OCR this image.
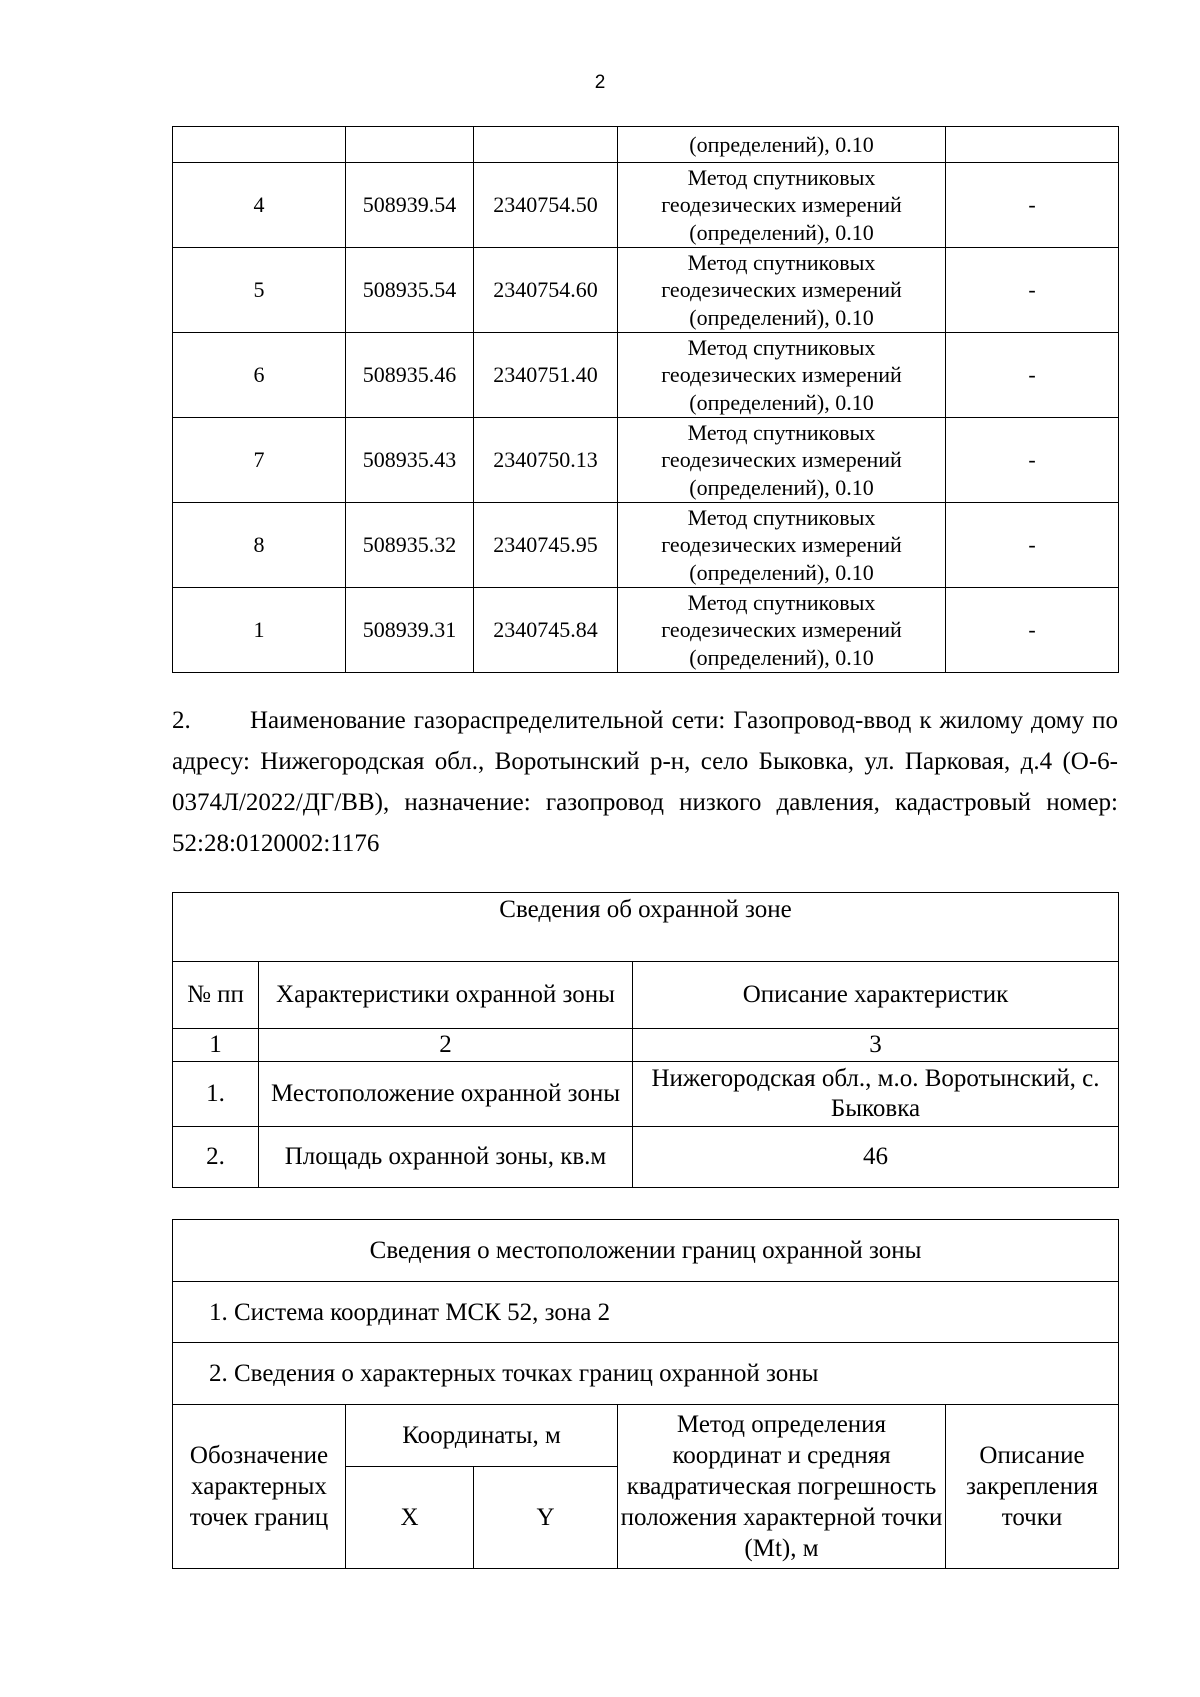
2
			(определений), 0.10	
4	508939.54	2340754.50	Метод спутниковых
геодезических измерений
(определений), 0.10	-
5	508935.54	2340754.60	Метод спутниковых
геодезических измерений
(определений), 0.10	-
6	508935.46	2340751.40	Метод спутниковых
геодезических измерений
(определений), 0.10	-
7	508935.43	2340750.13	Метод спутниковых
геодезических измерений
(определений), 0.10	-
8	508935.32	2340745.95	Метод спутниковых
геодезических измерений
(определений), 0.10	-
1	508939.31	2340745.84	Метод спутниковых
геодезических измерений
(определений), 0.10	-

2. Наименование газораспределительной сети: Газопровод-ввод к жилому дому по адресу: Нижегородская обл., Воротынский р-н, село Быковка, ул. Парковая, д.4 (О-6-0374Л/2022/ДГ/ВВ), назначение: газопровод низкого давления, кадастровый номер: 52:28:0120002:1176

Сведения об охранной зоне		
№ пп	Характеристики охранной зоны	Описание характеристик
1	2	3
1.	Местоположение охранной зоны	Нижегородская обл., м.о. Воротынский, с. Быковка
2.	Площадь охранной зоны, кв.м	46
Сведения о местоположении границ охранной зоны				
1. Система координат МСК 52, зона 2				
2. Сведения о характерных точках границ охранной зоны				
Обозначение характерных точек границ	Координаты, м		Метод определения координат и средняя квадратическая погрешность положения характерной точки (Mt), м	Описание закрепления точки
	X	Y		
